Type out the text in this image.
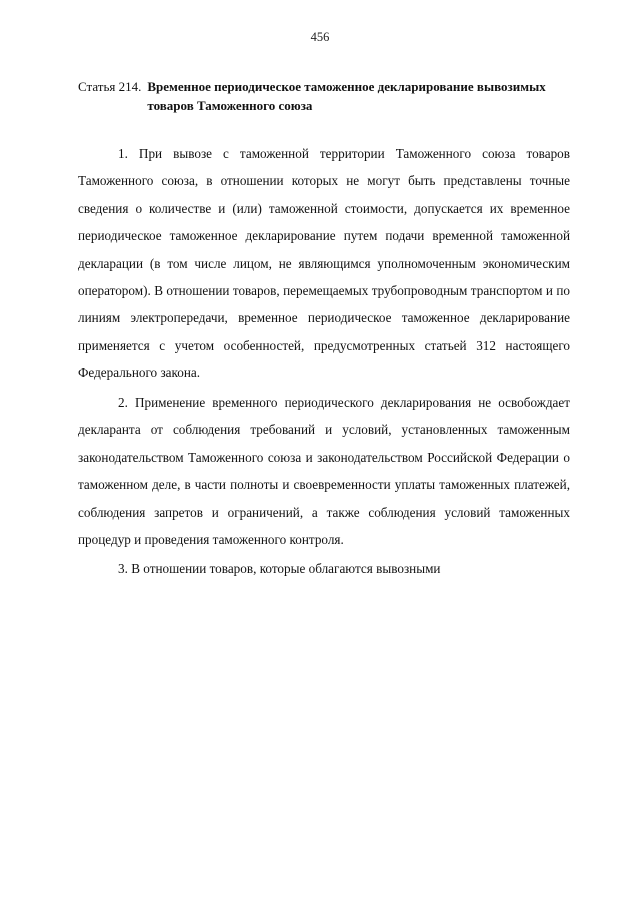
456
Статья 214. Временное периодическое таможенное декларирование вывозимых товаров Таможенного союза

1. При вывозе с таможенной территории Таможенного союза товаров Таможенного союза, в отношении которых не могут быть представлены точные сведения о количестве и (или) таможенной стоимости, допускается их временное периодическое таможенное декларирование путем подачи временной таможенной декларации (в том числе лицом, не являющимся уполномоченным экономическим оператором). В отношении товаров, перемещаемых трубопроводным транспортом и по линиям электропередачи, временное периодическое таможенное декларирование применяется с учетом особенностей, предусмотренных статьей 312 настоящего Федерального закона.

2. Применение временного периодического декларирования не освобождает декларанта от соблюдения требований и условий, установленных таможенным законодательством Таможенного союза и законодательством Российской Федерации о таможенном деле, в части полноты и своевременности уплаты таможенных платежей, соблюдения запретов и ограничений, а также соблюдения условий таможенных процедур и проведения таможенного контроля.

3. В отношении товаров, которые облагаются вывозными
